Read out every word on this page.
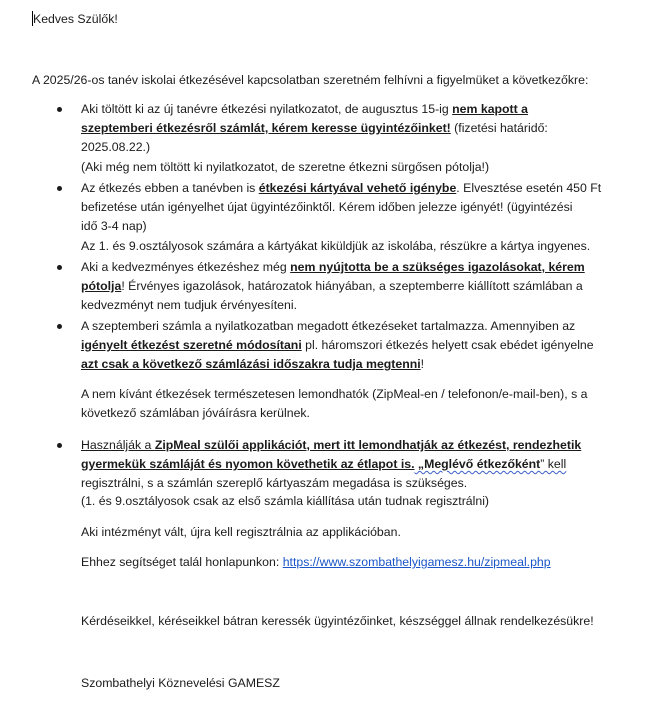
Kedves Szülők!
A 2025/26-os tanév iskolai étkezésével kapcsolatban szeretném felhívni a figyelmüket a következőkre:
Aki töltött ki az új tanévre étkezési nyilatkozatot, de augusztus 15-ig nem kapott a
szeptemberi étkezésről számlát, kérem keresse ügyintézőinket! (fizetési határidő:
2025.08.22.)
(Aki még nem töltött ki nyilatkozatot, de szeretne étkezni sürgősen pótolja!)
Az étkezés ebben a tanévben is étkezési kártyával vehető igénybe. Elvesztése esetén 450 Ft
befizetése után igényelhet újat ügyintézőinktől. Kérem időben jelezze igényét! (ügyintézési
idő 3-4 nap)
Az 1. és 9.osztályosok számára a kártyákat kiküldjük az iskolába, részükre a kártya ingyenes.
Aki a kedvezményes étkezéshez még nem nyújtotta be a szükséges igazolásokat, kérem
pótolja! Érvényes igazolások, határozatok hiányában, a szeptemberre kiállított számlában a
kedvezményt nem tudjuk érvényesíteni.
A szeptemberi számla a nyilatkozatban megadott étkezéseket tartalmazza. Amennyiben az
igényelt étkezést szeretné módosítani pl. háromszori étkezés helyett csak ebédet igényelne
azt csak a következő számlázási időszakra tudja megtenni!
A nem kívánt étkezések természetesen lemondhatók (ZipMeal-en / telefonon/e-mail-ben), s a
következő számlában jóváírásra kerülnek.
Használják a ZipMeal szülői applikációt, mert itt lemondhatják az étkezést, rendezhetik
gyermekük számláját és nyomon követhetik az étlapot is. „Meglévő étkezőként” kell
regisztrálni, s a számlán szereplő kártyaszám megadása is szükséges.
(1. és 9.osztályosok csak az első számla kiállítása után tudnak regisztrálni)
Aki intézményt vált, újra kell regisztrálnia az applikációban.
Ehhez segítséget talál honlapunkon: https://www.szombathelyigamesz.hu/zipmeal.php
Kérdéseikkel, kéréseikkel bátran keressék ügyintézőinket, készséggel állnak rendelkezésükre!
Szombathelyi Köznevelési GAMESZ
